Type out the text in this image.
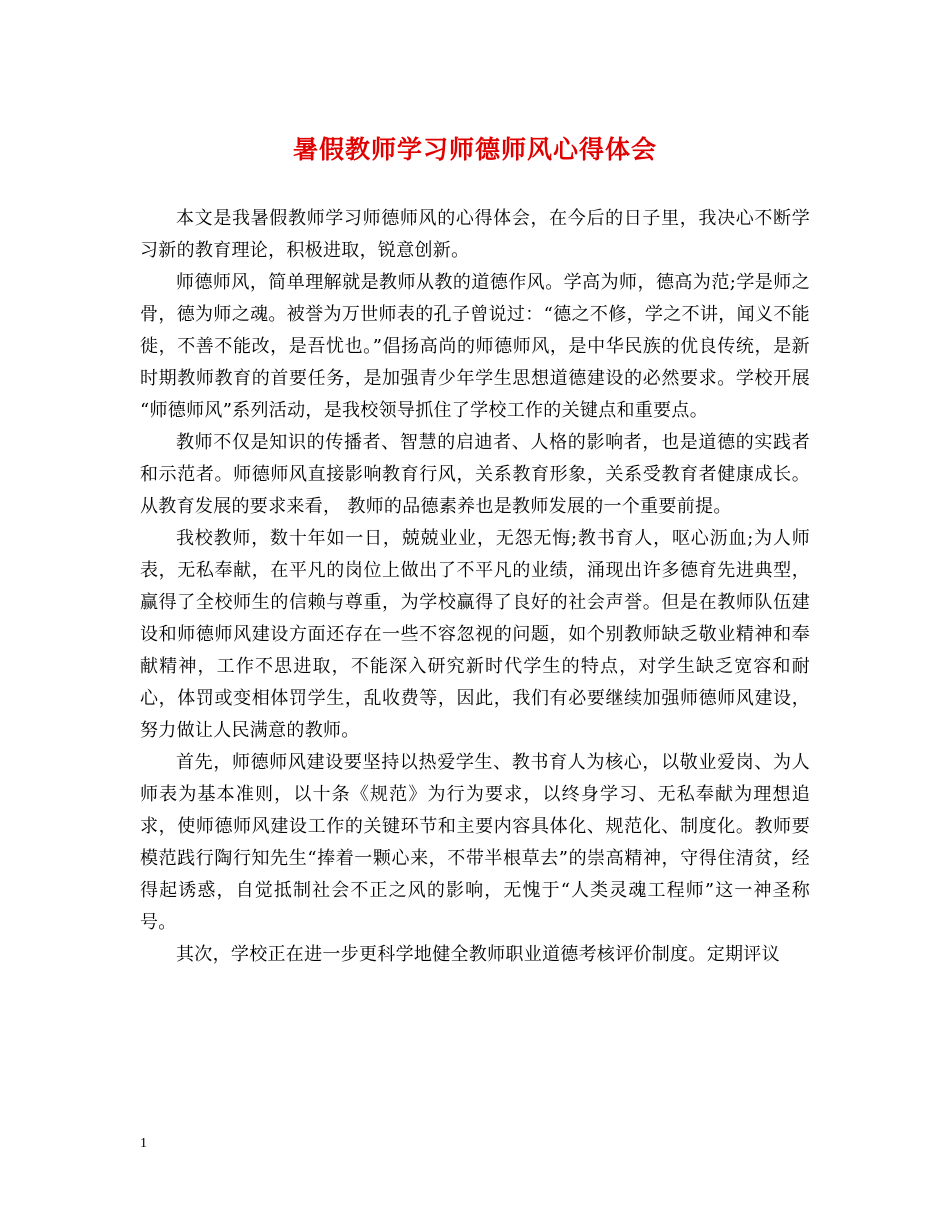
暑假教师学习师德师风心得体会

本文是我暑假教师学习师德师风的心得体会，在今后的日子里，我决心不断学习新的教育理论，积极进取，锐意创新。

师德师风，简单理解就是教师从教的道德作风。学高为师，德高为范;学是师之骨，德为师之魂。被誉为万世师表的孔子曾说过：“德之不修，学之不讲，闻义不能徙，不善不能改，是吾忧也。”倡扬高尚的师德师风，是中华民族的优良传统，是新时期教师教育的首要任务，是加强青少年学生思想道德建设的必然要求。学校开展 “师德师风”系列活动，是我校领导抓住了学校工作的关键点和重要点。

教师不仅是知识的传播者、智慧的启迪者、人格的影响者，也是道德的实践者和示范者。师德师风直接影响教育行风，关系教育形象，关系受教育者健康成长。从教育发展的要求来看， 教师的品德素养也是教师发展的一个重要前提。

我校教师，数十年如一日，兢兢业业，无怨无悔;教书育人，呕心沥血;为人师表，无私奉献，在平凡的岗位上做出了不平凡的业绩，涌现出许多德育先进典型，赢得了全校师生的信赖与尊重，为学校赢得了良好的社会声誉。但是在教师队伍建设和师德师风建设方面还存在一些不容忽视的问题，如个别教师缺乏敬业精神和奉献精神，工作不思进取，不能深入研究新时代学生的特点，对学生缺乏宽容和耐心，体罚或变相体罚学生，乱收费等，因此，我们有必要继续加强师德师风建设，努力做让人民满意的教师。

首先，师德师风建设要坚持以热爱学生、教书育人为核心，以敬业爱岗、为人师表为基本准则，以十条《规范》为行为要求，以终身学习、无私奉献为理想追求，使师德师风建设工作的关键环节和主要内容具体化、规范化、制度化。教师要模范践行陶行知先生“捧着一颗心来，不带半根草去”的崇高精神，守得住清贫，经得起诱惑，自觉抵制社会不正之风的影响，无愧于“人类灵魂工程师”这一神圣称号。

其次，学校正在进一步更科学地健全教师职业道德考核评价制度。定期评议

1
